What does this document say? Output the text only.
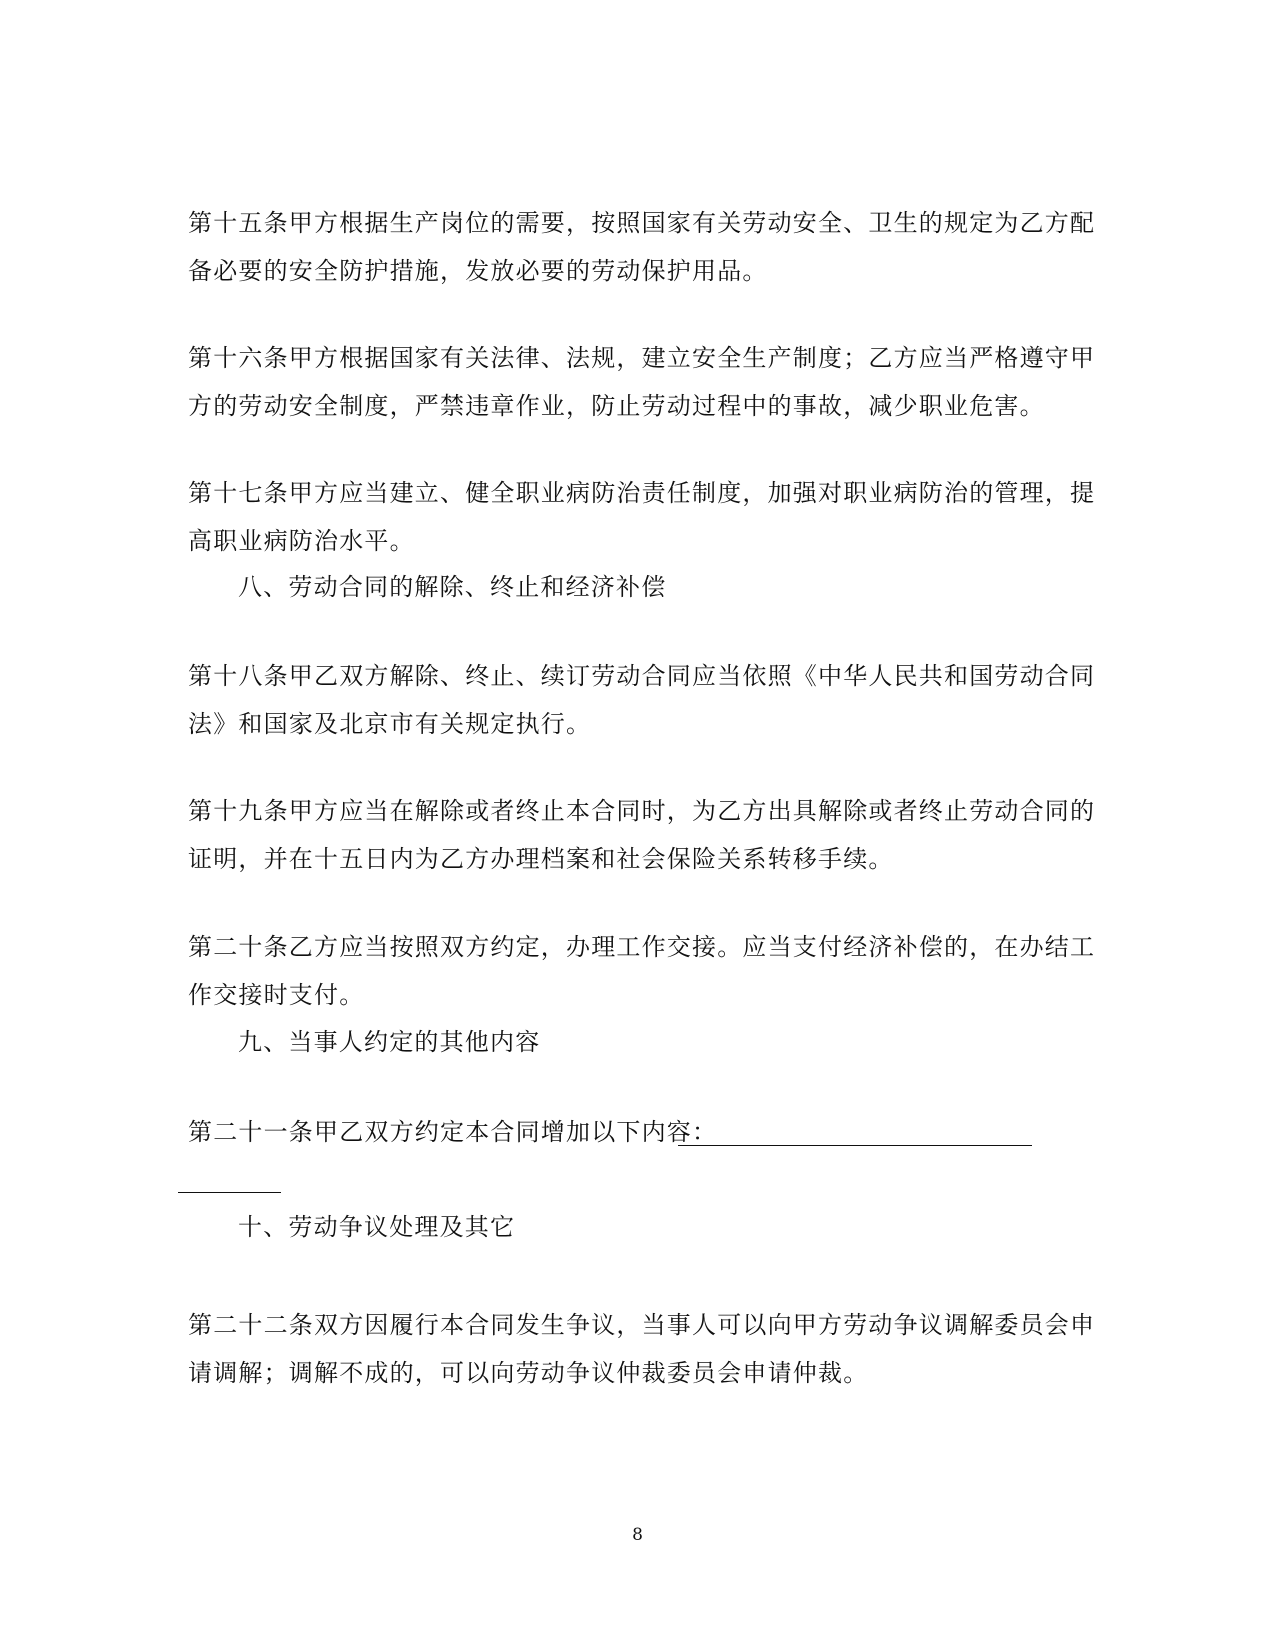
第十五条甲方根据生产岗位的需要，按照国家有关劳动安全、卫生的规定为乙方配
备必要的安全防护措施，发放必要的劳动保护用品。
第十六条甲方根据国家有关法律、法规，建立安全生产制度；乙方应当严格遵守甲
方的劳动安全制度，严禁违章作业，防止劳动过程中的事故，减少职业危害。
第十七条甲方应当建立、健全职业病防治责任制度，加强对职业病防治的管理，提
高职业病防治水平。
八、劳动合同的解除、终止和经济补偿
第十八条甲乙双方解除、终止、续订劳动合同应当依照《中华人民共和国劳动合同
法》和国家及北京市有关规定执行。
第十九条甲方应当在解除或者终止本合同时，为乙方出具解除或者终止劳动合同的
证明，并在十五日内为乙方办理档案和社会保险关系转移手续。
第二十条乙方应当按照双方约定，办理工作交接。应当支付经济补偿的，在办结工
作交接时支付。
九、当事人约定的其他内容
第二十一条甲乙双方约定本合同增加以下内容：
十、劳动争议处理及其它
第二十二条双方因履行本合同发生争议，当事人可以向甲方劳动争议调解委员会申
请调解；调解不成的，可以向劳动争议仲裁委员会申请仲裁。
8
